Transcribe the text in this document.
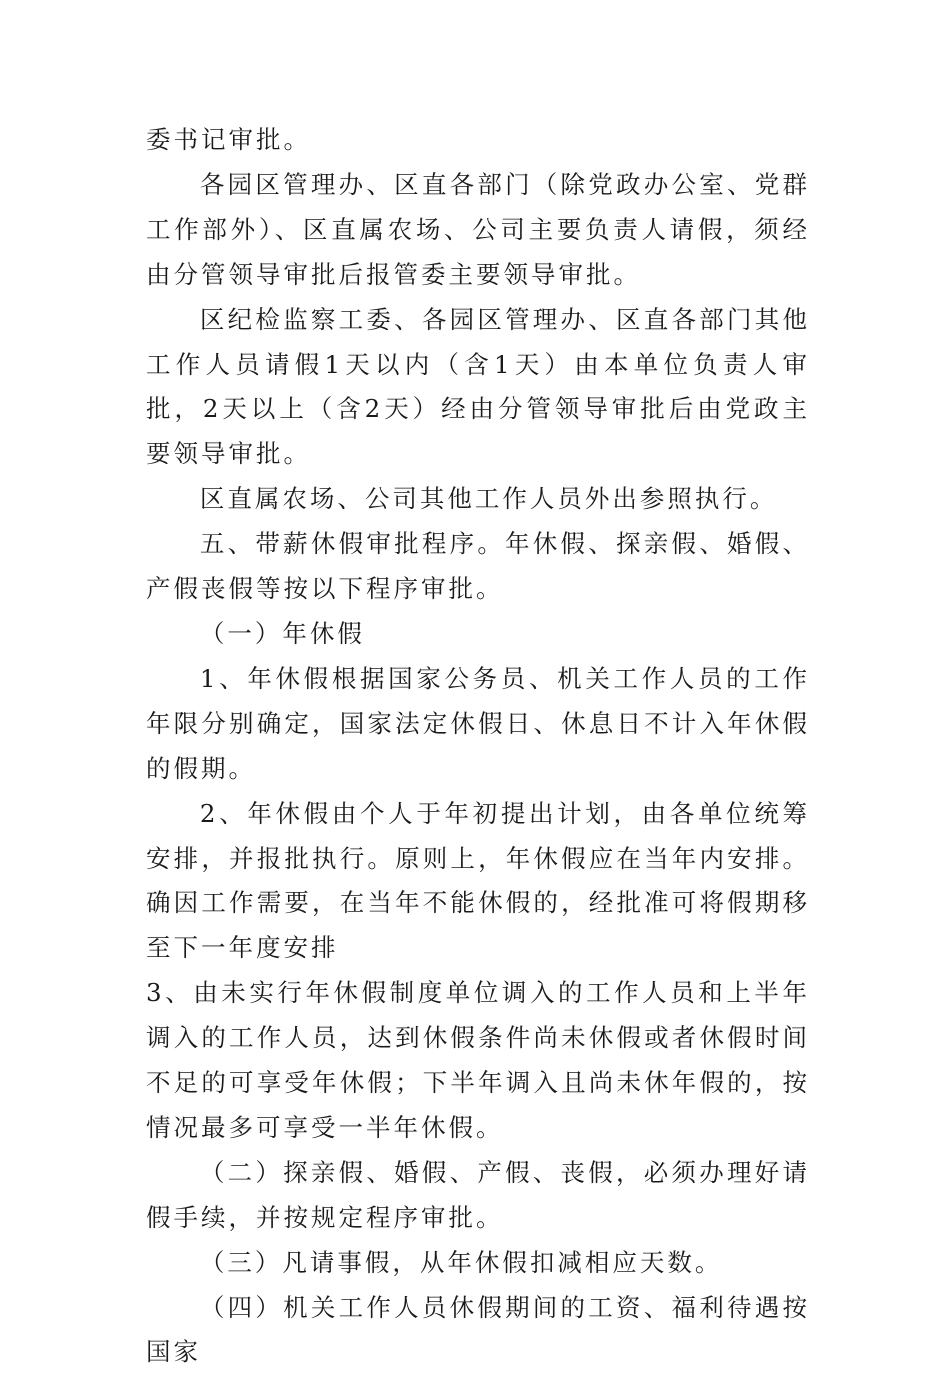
委书记审批。

各园区管理办、区直各部门（除党政办公室、党群工作部外）、区直属农场、公司主要负责人请假，须经由分管领导审批后报管委主要领导审批。

区纪检监察工委、各园区管理办、区直各部门其他工作人员请假1天以内（含1天）由本单位负责人审批，2天以上（含2天）经由分管领导审批后由党政主要领导审批。

区直属农场、公司其他工作人员外出参照执行。

五、带薪休假审批程序。年休假、探亲假、婚假、产假丧假等按以下程序审批。

（一）年休假

1、年休假根据国家公务员、机关工作人员的工作年限分别确定，国家法定休假日、休息日不计入年休假的假期。

2、年休假由个人于年初提出计划，由各单位统筹安排，并报批执行。原则上，年休假应在当年内安排。确因工作需要，在当年不能休假的，经批准可将假期移至下一年度安排

3、由未实行年休假制度单位调入的工作人员和上半年调入的工作人员，达到休假条件尚未休假或者休假时间不足的可享受年休假；下半年调入且尚未休年假的，按情况最多可享受一半年休假。

（二）探亲假、婚假、产假、丧假，必须办理好请假手续，并按规定程序审批。

（三）凡请事假，从年休假扣减相应天数。

（四）机关工作人员休假期间的工资、福利待遇按国家
